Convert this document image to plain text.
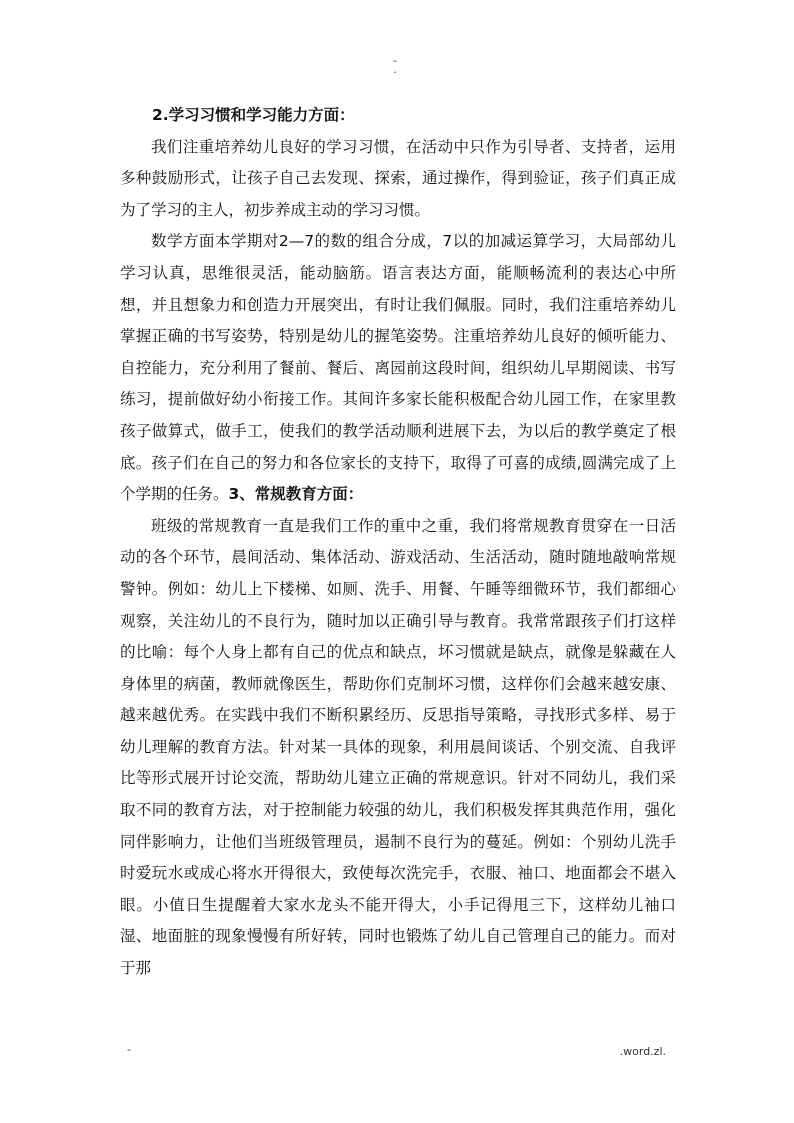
-
.

2.学习习惯和学习能力方面：

我们注重培养幼儿良好的学习习惯，在活动中只作为引导者、支持者，运用多种鼓励形式，让孩子自己去发现、探索，通过操作，得到验证，孩子们真正成为了学习的主人，初步养成主动的学习习惯。

数学方面本学期对2—7的数的组合分成，7以的加减运算学习，大局部幼儿学习认真，思维很灵活，能动脑筋。语言表达方面，能顺畅流利的表达心中所想，并且想象力和创造力开展突出，有时让我们佩服。同时，我们注重培养幼儿掌握正确的书写姿势，特别是幼儿的握笔姿势。注重培养幼儿良好的倾听能力、自控能力，充分利用了餐前、餐后、离园前这段时间，组织幼儿早期阅读、书写练习，提前做好幼小衔接工作。其间许多家长能积极配合幼儿园工作，在家里教孩子做算式，做手工，使我们的教学活动顺利进展下去，为以后的教学奠定了根底。孩子们在自己的努力和各位家长的支持下，取得了可喜的成绩,圆满完成了上个学期的任务。3、常规教育方面：

班级的常规教育一直是我们工作的重中之重，我们将常规教育贯穿在一日活动的各个环节，晨间活动、集体活动、游戏活动、生活活动，随时随地敲响常规警钟。例如：幼儿上下楼梯、如厕、洗手、用餐、午睡等细微环节，我们都细心观察，关注幼儿的不良行为，随时加以正确引导与教育。我常常跟孩子们打这样的比喻：每个人身上都有自己的优点和缺点，坏习惯就是缺点，就像是躲藏在人身体里的病菌，教师就像医生，帮助你们克制坏习惯，这样你们会越来越安康、越来越优秀。在实践中我们不断积累经历、反思指导策略，寻找形式多样、易于幼儿理解的教育方法。针对某一具体的现象，利用晨间谈话、个别交流、自我评比等形式展开讨论交流，帮助幼儿建立正确的常规意识。针对不同幼儿，我们采取不同的教育方法，对于控制能力较强的幼儿，我们积极发挥其典范作用，强化同伴影响力，让他们当班级管理员，遏制不良行为的蔓延。例如：个别幼儿洗手时爱玩水或成心将水开得很大，致使每次洗完手，衣服、袖口、地面都会不堪入眼。小值日生提醒着大家水龙头不能开得大，小手记得甩三下，这样幼儿袖口湿、地面脏的现象慢慢有所好转，同时也锻炼了幼儿自己管理自己的能力。而对于那

-	.word.zl.
